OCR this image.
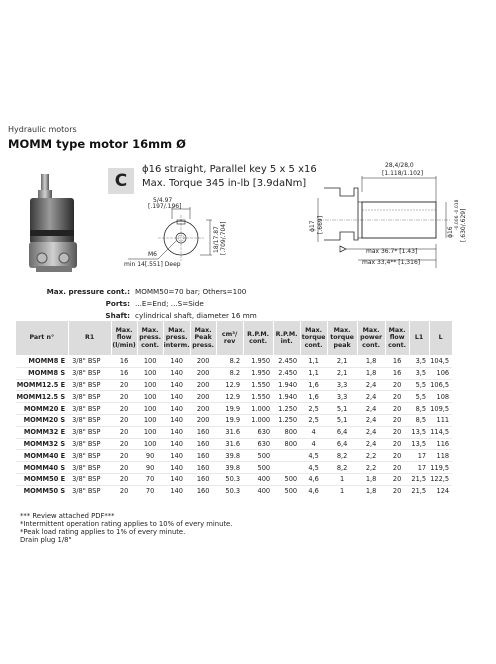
Hydraulic motors
MOMM type motor 16mm Ø
C
ϕ16 straight, Parallel key 5 x 5 x16
Max. Torque 345 in-lb [3.9daNm]
5/4.97
[.197/.196]
18/17.87 [.709/.704]
M6
min 14[.551] Deep
28,4/28,0
[1.118/1.102]
ϕ17 [.669]	ϕ16
-0.006 -0.018 [.630/.629]
max 36.7* [1.43]
max 33,4** [1,316]
Max. pressure cont.: MOMM50=70 bar; Others=100
Ports: ...E=End; ...S=Side
Shaft: cylindrical shaft, diameter 16 mm
Part n°	R1	Max. flow (l/min)	Max. press. cont.	Max. press. interm.	Max. Peak press.	cm³/ rev	R.P.M. cont.	R.P.M. int.	Max. torque cont.	Max. torque peak	Max. power cont.	Max. flow cont.	L1	L
MOMM8 E	3/8" BSP	16	100	140	200	8.2	1.950	2.450	1,1	2,1	1,8	16	3,5	104,5
MOMM8 S	3/8" BSP	16	100	140	200	8.2	1.950	2.450	1,1	2,1	1,8	16	3,5	106
MOMM12.5 E	3/8" BSP	20	100	140	200	12.9	1.550	1.940	1,6	3,3	2,4	20	5,5	106,5
MOMM12.5 S	3/8" BSP	20	100	140	200	12.9	1.550	1.940	1,6	3,3	2,4	20	5,5	108
MOMM20 E	3/8" BSP	20	100	140	200	19.9	1.000	1.250	2,5	5,1	2,4	20	8,5	109,5
MOMM20 S	3/8" BSP	20	100	140	200	19.9	1.000	1.250	2,5	5,1	2,4	20	8,5	111
MOMM32 E	3/8" BSP	20	100	140	160	31.6	630	800	4	6,4	2,4	20	13,5	114,5
MOMM32 S	3/8" BSP	20	100	140	160	31.6	630	800	4	6,4	2,4	20	13,5	116
MOMM40 E	3/8" BSP	20	90	140	160	39.8	500		4,5	8,2	2,2	20	17	118
MOMM40 S	3/8" BSP	20	90	140	160	39.8	500		4,5	8,2	2,2	20	17	119,5
MOMM50 E	3/8" BSP	20	70	140	160	50.3	400	500	4,6	1	1,8	20	21,5	122,5
MOMM50 S	3/8" BSP	20	70	140	160	50.3	400	500	4,6	1	1,8	20	21,5	124
*** Review attached PDF***
*Intermittent operation rating applies to 10% of every minute.
*Peak load rating applies to 1% of every minute.
Drain plug 1/8"
